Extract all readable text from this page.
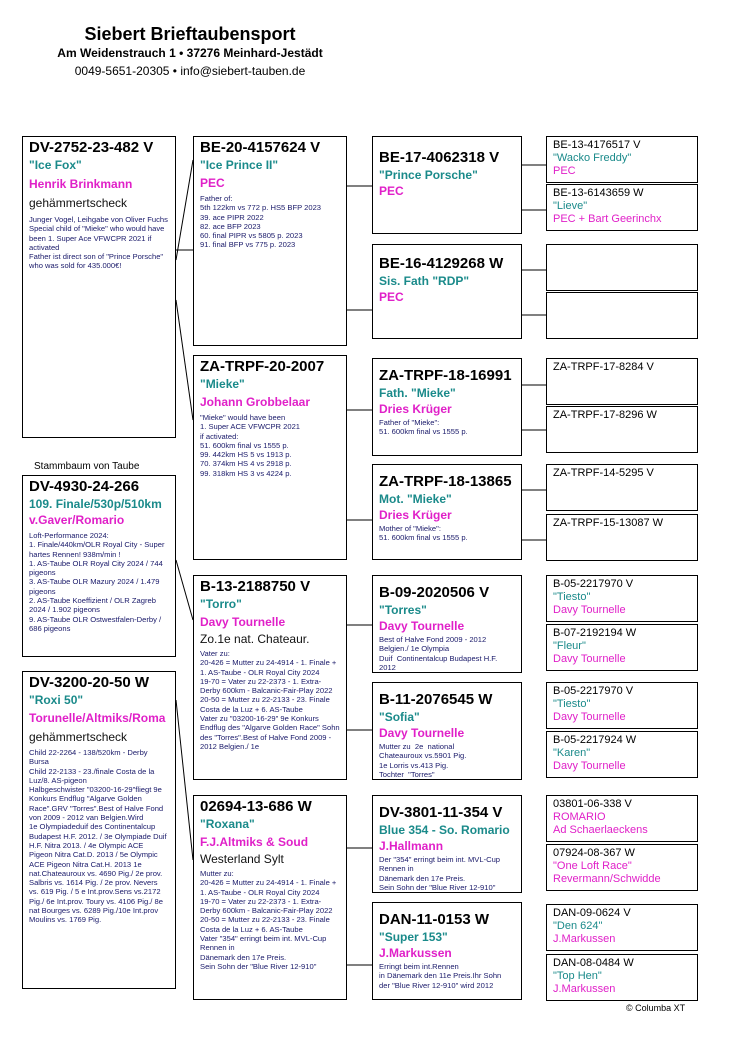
Siebert Brieftaubensport
Am Weidenstrauch 1 • 37276 Meinhard-Jestädt
0049-5651-20305 • info@siebert-tauben.de
DV-2752-23-482 V
"Ice Fox"
Henrik Brinkmann
gehämmertscheck
Junger Vogel, Leihgabe von Oliver Fuchs
Special child of "Mieke" who would have been 1. Super Ace VFWCPR 2021 if activated
Father ist direct son of "Prince Porsche" who was sold for 435.000€!
Stammbaum von Taube
DV-4930-24-266
109. Finale/530p/510km
v.Gaver/Romario
Loft-Performance 2024:
1. Finale/440km/OLR Royal City - Super hartes Rennen! 938m/min !
1. AS-Taube OLR Royal City 2024 / 744 pigeons
3. AS-Taube OLR Mazury 2024 / 1.479 pigeons
2. AS-Taube Koeffizient / OLR Zagreb 2024 / 1.902 pigeons
9. AS-Taube OLR Ostwestfalen-Derby / 686 pigeons
DV-3200-20-50 W
"Roxi 50"
Torunelle/Altmiks/Roma
gehämmertscheck
Child 22-2264 - 138/520km - Derby Bursa
Child 22-2133 - 23./finale Costa de la Luz/8. AS-pigeon
Halbgeschwister "03200-16-29"fliegt 9e Konkurs Endflug "Algarve Golden Race".GRV "Torres".Best of Halve Fond von 2009 - 2012 van Belgien.Wird
1e Olympiadeduif des Continentalcup Budapest H.F. 2012. / 3e Olympiade Duif H.F. Nitra 2013. / 4e Olympic ACE Pigeon Nitra Cat.D. 2013 / 5e Olympic ACE Pigeon Nitra Cat.H. 2013 1e nat.Chateauroux vs. 4690 Pig./ 2e prov. Salbris vs. 1614 Pig. / 2e prov. Nevers vs. 619 Pig. / 5 e Int.prov.Sens vs.2172 Pig./ 6e Int.prov. Toury vs. 4106 Pig./ 8e nat Bourges vs. 6289 Pig./10e Int.prov Moulins vs. 1769 Pig.
BE-20-4157624 V
"Ice Prince II"
PEC
Father of:
5th 122km vs 772 p. HS5 BFP 2023
39. ace PIPR 2022
82. ace BFP 2023
60. final PIPR vs 5805 p. 2023
91. final BFP vs 775 p. 2023
ZA-TRPF-20-2007
"Mieke"
Johann Grobbelaar
"Mieke" would have been
1. Super ACE VFWCPR 2021
if activated:
51. 600km final vs 1555 p.
99. 442km HS 5 vs 1913 p.
70. 374km HS 4 vs 2918 p.
99. 318km HS 3 vs 4224 p.
B-13-2188750 V
"Torro"
Davy Tournelle
Zo.1e nat. Chateaur.
Vater zu:
20-426 = Mutter zu 24-4914 - 1. Finale + 1. AS-Taube - OLR Royal City 2024
19-70 = Vater zu 22-2373 - 1. Extra-Derby 600km - Balcanic-Fair-Play 2022
20-50 = Mutter zu 22-2133 - 23. Finale Costa de la Luz + 6. AS-Taube
Vater zu "03200-16-29" 9e Konkurs Endflug des "Algarve Golden Race" Sohn des "Torres".Best of Halve Fond 2009 - 2012 Belgien./ 1e
02694-13-686 W
"Roxana"
F.J.Altmiks & Soud
Westerland Sylt
Mutter zu:
20-426 = Mutter zu 24-4914 - 1. Finale + 1. AS-Taube - OLR Royal City 2024
19-70 = Vater zu 22-2373 - 1. Extra-Derby 600km - Balcanic-Fair-Play 2022
20-50 = Mutter zu 22-2133 - 23. Finale Costa de la Luz + 6. AS-Taube
Vater "354" erringt beim int. MVL-Cup Rennen in
Dänemark den 17e Preis.
Sein Sohn der "Blue River 12-910"
BE-17-4062318 V
"Prince Porsche"
PEC
BE-16-4129268 W
Sis. Fath "RDP"
PEC
ZA-TRPF-18-16991
Fath. "Mieke"
Dries Krüger
Father of "Mieke":
51. 600km final vs 1555 p.
ZA-TRPF-18-13865
Mot. "Mieke"
Dries Krüger
Mother of "Mieke":
51. 600km final vs 1555 p.
B-09-2020506 V
"Torres"
Davy Tournelle
Best of Halve Fond 2009 - 2012
Belgien./ 1e Olympia
Duif  Continentalcup Budapest H.F.
2012
B-11-2076545 W
"Sofia"
Davy Tournelle
Mutter zu  2e  national
Chateauroux vs.5901 Pig.
1e Lorris vs.413 Pig.
Tochter  "Torres"
DV-3801-11-354 V
Blue 354 - So. Romario
J.Hallmann
Der "354" erringt beim int. MVL-Cup
Rennen in
Dänemark den 17e Preis.
Sein Sohn der "Blue River 12-910"
DAN-11-0153 W
"Super 153"
J.Markussen
Erringt beim int.Rennen
in Dänemark den 11e Preis.Ihr Sohn
der "Blue River 12-910" wird 2012
BE-13-4176517 V
"Wacko Freddy"
PEC
BE-13-6143659 W
"Lieve"
PEC + Bart Geerinchx
ZA-TRPF-17-8284 V
ZA-TRPF-17-8296 W
ZA-TRPF-14-5295 V
ZA-TRPF-15-13087 W
B-05-2217970 V
"Tiesto"
Davy Tournelle
B-07-2192194 W
"Fleur"
Davy Tournelle
B-05-2217970 V
"Tiesto"
Davy Tournelle
B-05-2217924 W
"Karen"
Davy Tournelle
03801-06-338 V
ROMARIO
Ad Schaerlaeckens
07924-08-367 W
"One Loft Race"
Revermann/Schwidde
DAN-09-0624 V
"Den 624"
J.Markussen
DAN-08-0484 W
"Top Hen"
J.Markussen
© Columba XT
